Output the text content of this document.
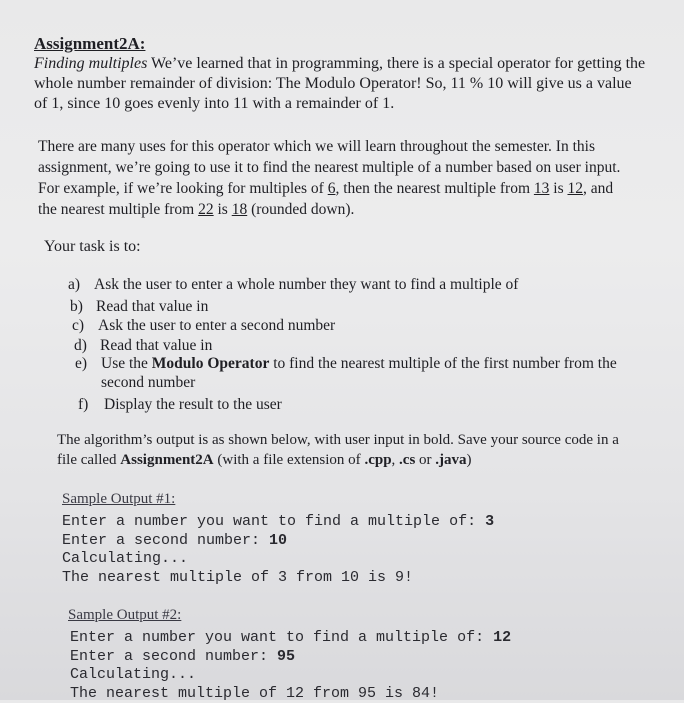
Assignment2A:
Finding multiples We’ve learned that in programming, there is a special operator for getting the
whole number remainder of division: The Modulo Operator! So, 11 % 10 will give us a value
of 1, since 10 goes evenly into 11 with a remainder of 1.
There are many uses for this operator which we will learn throughout the semester. In this
assignment, we’re going to use it to find the nearest multiple of a number based on user input.
For example, if we’re looking for multiples of 6, then the nearest multiple from 13 is 12, and
the nearest multiple from 22 is 18 (rounded down).
Your task is to:
a) Ask the user to enter a whole number they want to find a multiple of
b) Read that value in
c) Ask the user to enter a second number
d) Read that value in
e) Use the Modulo Operator to find the nearest multiple of the first number from the
second number
f) Display the result to the user
The algorithm’s output is as shown below, with user input in bold. Save your source code in a
file called Assignment2A (with a file extension of .cpp, .cs or .java)
Sample Output #1:
Enter a number you want to find a multiple of: 3
Enter a second number: 10
Calculating...
The nearest multiple of 3 from 10 is 9!
Sample Output #2:
Enter a number you want to find a multiple of: 12
Enter a second number: 95
Calculating...
The nearest multiple of 12 from 95 is 84!
